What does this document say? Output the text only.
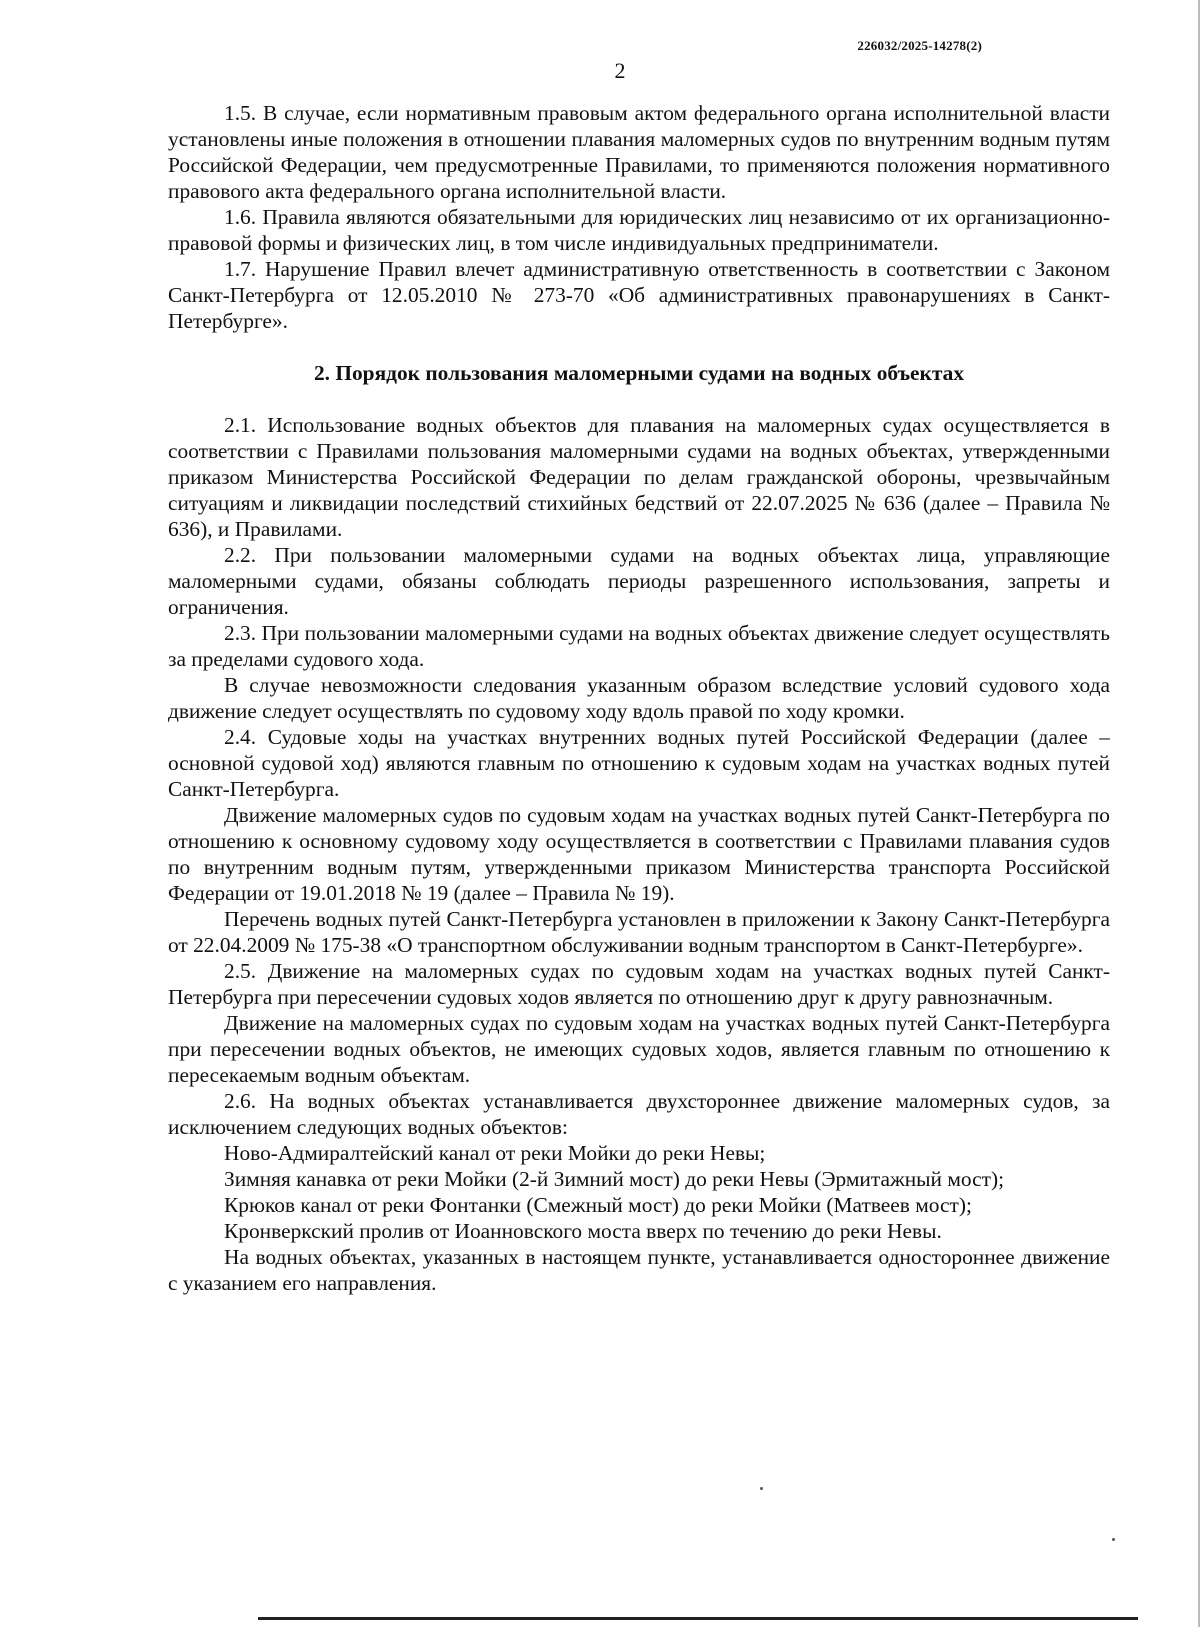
226032/2025-14278(2)
2

1.5. В случае, если нормативным правовым актом федерального органа исполнительной власти установлены иные положения в отношении плавания маломерных судов по внутренним водным путям Российской Федерации, чем предусмотренные Правилами, то применяются положения нормативного правового акта федерального органа исполнительной власти.

1.6. Правила являются обязательными для юридических лиц независимо от их организационно-правовой формы и физических лиц, в том числе индивидуальных предприниматели.

1.7. Нарушение Правил влечет административную ответственность в соответствии с Законом Санкт-Петербурга от 12.05.2010 № 273-70 «Об административных правонарушениях в Санкт-Петербурге».

2. Порядок пользования маломерными судами на водных объектах

2.1. Использование водных объектов для плавания на маломерных судах осуществляется в соответствии с Правилами пользования маломерными судами на водных объектах, утвержденными приказом Министерства Российской Федерации по делам гражданской обороны, чрезвычайным ситуациям и ликвидации последствий стихийных бедствий от 22.07.2025 № 636 (далее – Правила № 636), и Правилами.

2.2. При пользовании маломерными судами на водных объектах лица, управляющие маломерными судами, обязаны соблюдать периоды разрешенного использования, запреты и ограничения.

2.3. При пользовании маломерными судами на водных объектах движение следует осуществлять за пределами судового хода.

В случае невозможности следования указанным образом вследствие условий судового хода движение следует осуществлять по судовому ходу вдоль правой по ходу кромки.

2.4. Судовые ходы на участках внутренних водных путей Российской Федерации (далее – основной судовой ход) являются главным по отношению к судовым ходам на участках водных путей Санкт-Петербурга.

Движение маломерных судов по судовым ходам на участках водных путей Санкт-Петербурга по отношению к основному судовому ходу осуществляется в соответствии с Правилами плавания судов по внутренним водным путям, утвержденными приказом Министерства транспорта Российской Федерации от 19.01.2018 № 19 (далее – Правила № 19).

Перечень водных путей Санкт-Петербурга установлен в приложении к Закону Санкт-Петербурга от 22.04.2009 № 175-38 «О транспортном обслуживании водным транспортом в Санкт-Петербурге».

2.5. Движение на маломерных судах по судовым ходам на участках водных путей Санкт-Петербурга при пересечении судовых ходов является по отношению друг к другу равнозначным.

Движение на маломерных судах по судовым ходам на участках водных путей Санкт-Петербурга при пересечении водных объектов, не имеющих судовых ходов, является главным по отношению к пересекаемым водным объектам.

2.6. На водных объектах устанавливается двухстороннее движение маломерных судов, за исключением следующих водных объектов:

Ново-Адмиралтейский канал от реки Мойки до реки Невы;

Зимняя канавка от реки Мойки (2-й Зимний мост) до реки Невы (Эрмитажный мост);

Крюков канал от реки Фонтанки (Смежный мост) до реки Мойки (Матвеев мост);

Кронверкский пролив от Иоанновского моста вверх по течению до реки Невы.

На водных объектах, указанных в настоящем пункте, устанавливается одностороннее движение с указанием его направления.
